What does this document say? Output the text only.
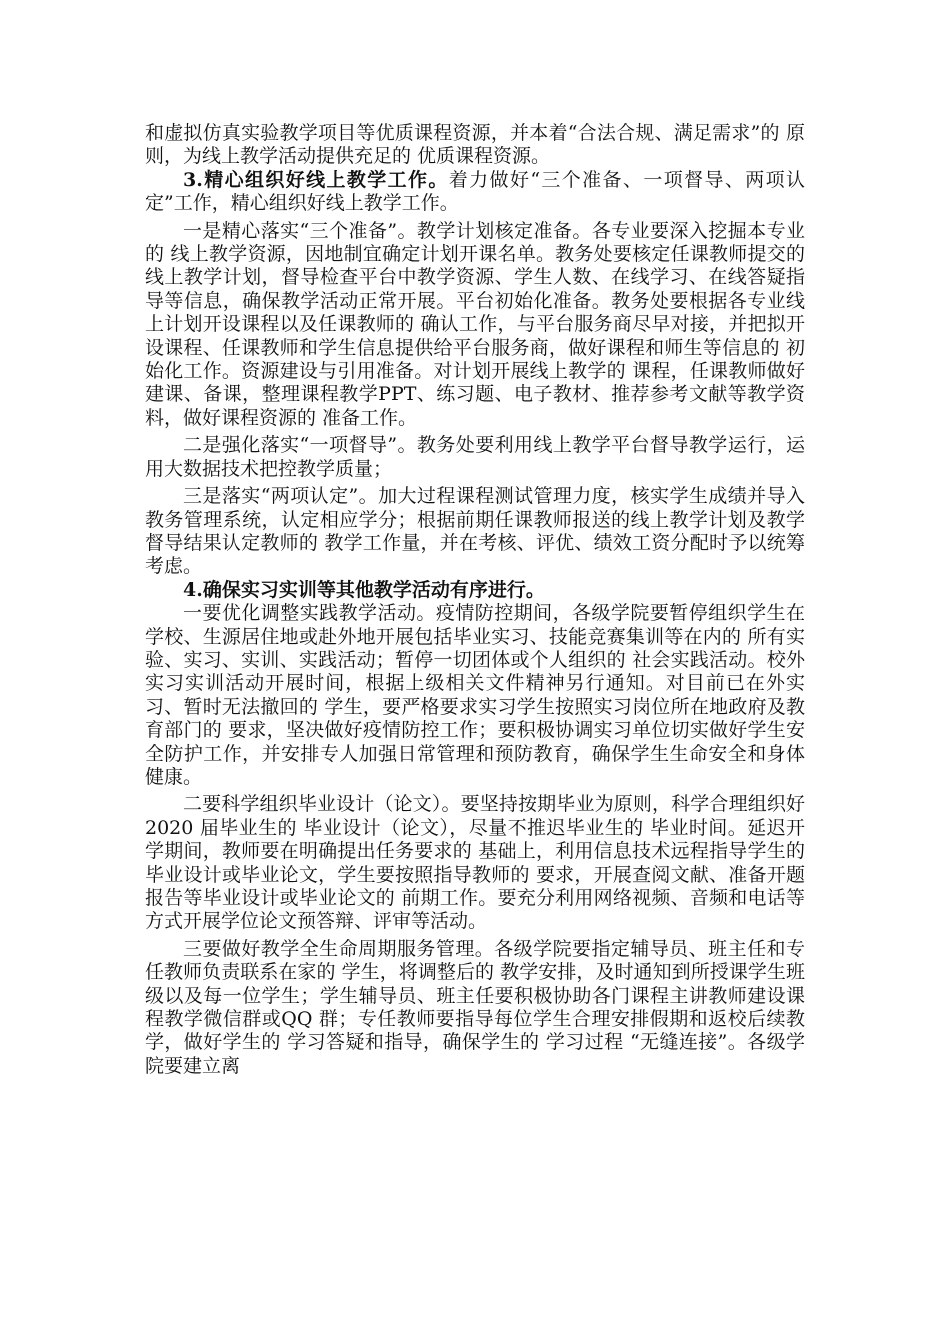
和虚拟仿真实验教学项目等优质课程资源，并本着“合法合规、满足需求”的 原则，为线上教学活动提供充足的 优质课程资源。

3.精心组织好线上教学工作。着力做好“三个准备、一项督导、两项认定”工作，精心组织好线上教学工作。

一是精心落实“三个准备”。教学计划核定准备。各专业要深入挖掘本专业的 线上教学资源，因地制宜确定计划开课名单。教务处要核定任课教师提交的 线上教学计划，督导检查平台中教学资源、学生人数、在线学习、在线答疑指导等信息，确保教学活动正常开展。平台初始化准备。教务处要根据各专业线上计划开设课程以及任课教师的 确认工作，与平台服务商尽早对接，并把拟开设课程、任课教师和学生信息提供给平台服务商，做好课程和师生等信息的 初始化工作。资源建设与引用准备。对计划开展线上教学的 课程，任课教师做好建课、备课，整理课程教学PPT、练习题、电子教材、推荐参考文献等教学资料，做好课程资源的 准备工作。

二是强化落实“一项督导”。教务处要利用线上教学平台督导教学运行，运用大数据技术把控教学质量；

三是落实“两项认定”。加大过程课程测试管理力度，核实学生成绩并导入教务管理系统，认定相应学分；根据前期任课教师报送的线上教学计划及教学督导结果认定教师的 教学工作量，并在考核、评优、绩效工资分配时予以统筹考虑。

4.确保实习实训等其他教学活动有序进行。

一要优化调整实践教学活动。疫情防控期间，各级学院要暂停组织学生在学校、生源居住地或赴外地开展包括毕业实习、技能竞赛集训等在内的 所有实验、实习、实训、实践活动；暂停一切团体或个人组织的 社会实践活动。校外实习实训活动开展时间，根据上级相关文件精神另行通知。对目前已在外实习、暂时无法撤回的 学生，要严格要求实习学生按照实习岗位所在地政府及教育部门的 要求，坚决做好疫情防控工作；要积极协调实习单位切实做好学生安全防护工作，并安排专人加强日常管理和预防教育，确保学生生命安全和身体健康。

二要科学组织毕业设计（论文）。要坚持按期毕业为原则，科学合理组织好 2020 届毕业生的 毕业设计（论文），尽量不推迟毕业生的 毕业时间。延迟开学期间，教师要在明确提出任务要求的 基础上，利用信息技术远程指导学生的 毕业设计或毕业论文，学生要按照指导教师的 要求，开展查阅文献、准备开题报告等毕业设计或毕业论文的 前期工作。要充分利用网络视频、音频和电话等方式开展学位论文预答辩、评审等活动。

三要做好教学全生命周期服务管理。各级学院要指定辅导员、班主任和专任教师负责联系在家的 学生，将调整后的 教学安排，及时通知到所授课学生班级以及每一位学生；学生辅导员、班主任要积极协助各门课程主讲教师建设课程教学微信群或QQ 群；专任教师要指导每位学生合理安排假期和返校后续教学，做好学生的 学习答疑和指导，确保学生的 学习过程 “无缝连接”。各级学院要建立离
